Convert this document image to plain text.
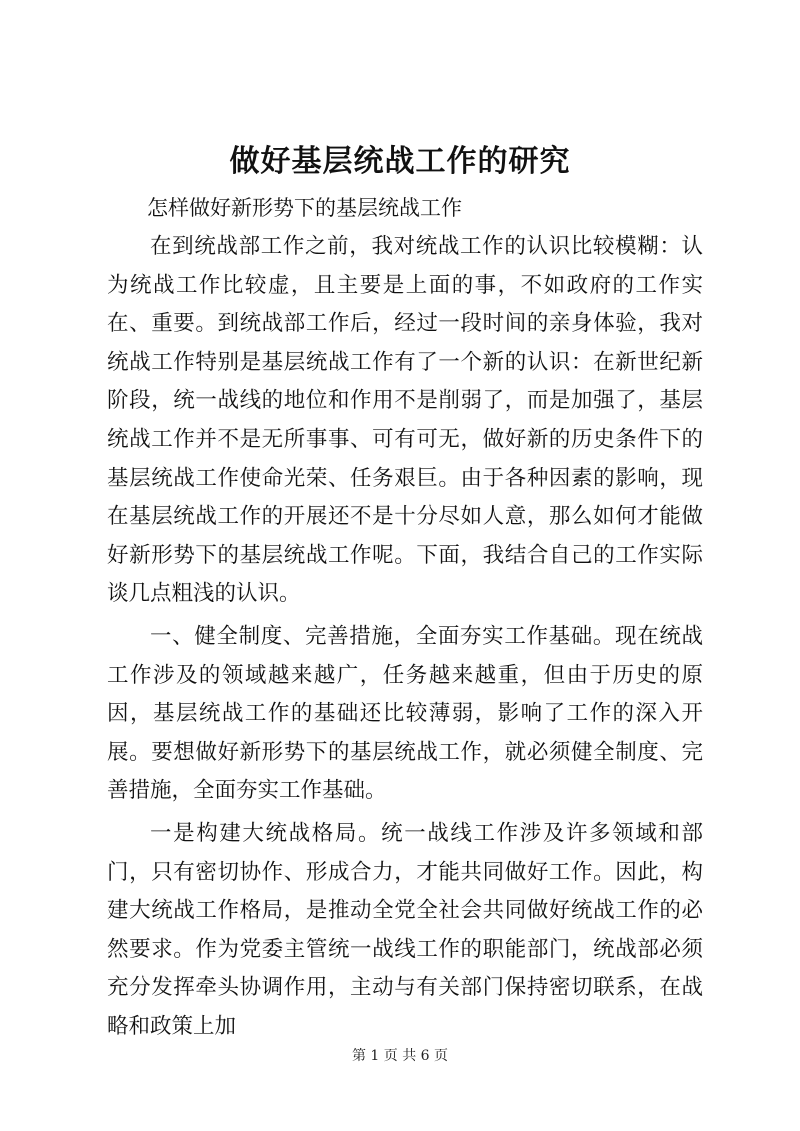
做好基层统战工作的研究
怎样做好新形势下的基层统战工作

在到统战部工作之前，我对统战工作的认识比较模糊：认为统战工作比较虚，且主要是上面的事，不如政府的工作实在、重要。到统战部工作后，经过一段时间的亲身体验，我对统战工作特别是基层统战工作有了一个新的认识：在新世纪新阶段，统一战线的地位和作用不是削弱了，而是加强了，基层统战工作并不是无所事事、可有可无，做好新的历史条件下的基层统战工作使命光荣、任务艰巨。由于各种因素的影响，现在基层统战工作的开展还不是十分尽如人意，那么如何才能做好新形势下的基层统战工作呢。下面，我结合自己的工作实际谈几点粗浅的认识。

一、健全制度、完善措施，全面夯实工作基础。现在统战工作涉及的领域越来越广，任务越来越重，但由于历史的原因，基层统战工作的基础还比较薄弱，影响了工作的深入开展。要想做好新形势下的基层统战工作，就必须健全制度、完善措施，全面夯实工作基础。

一是构建大统战格局。统一战线工作涉及许多领域和部门，只有密切协作、形成合力，才能共同做好工作。因此，构建大统战工作格局，是推动全党全社会共同做好统战工作的必然要求。作为党委主管统一战线工作的职能部门，统战部必须充分发挥牵头协调作用，主动与有关部门保持密切联系，在战略和政策上加

第 1 页 共 6 页
